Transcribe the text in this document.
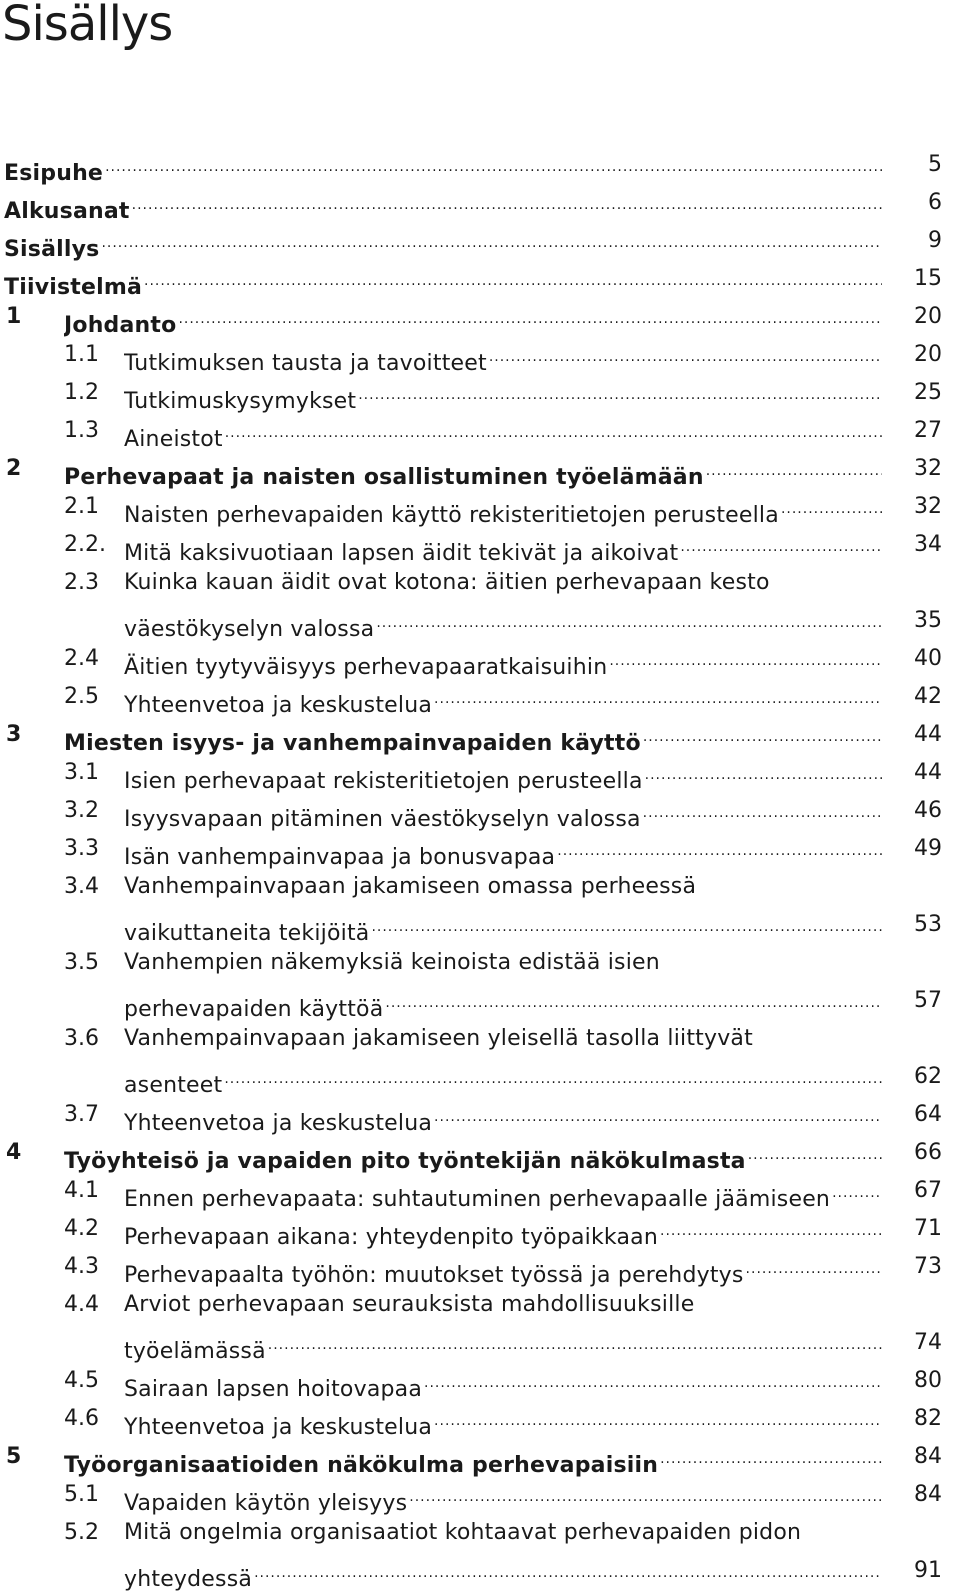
Sisällys
Esipuhe .....	5
Alkusanat .....	6
Sisällys .....	9
Tiivistelmä .....	15
1 Johdanto .....	20
1.1 Tutkimuksen tausta ja tavoitteet .....	20
1.2 Tutkimuskysymykset .....	25
1.3 Aineistot .....	27
2 Perhevapaat ja naisten osallistuminen työelämään .....	32
2.1 Naisten perhevapaiden käyttö rekisteritietojen perusteella .....	32
2.2. Mitä kaksivuotiaan lapsen äidit tekivät ja aikoivat .....	34
2.3 Kuinka kauan äidit ovat kotona: äitien perhevapaan kesto
väestökyselyn valossa .....	35
2.4 Äitien tyytyväisyys perhevapaaratkaisuihin .....	40
2.5 Yhteenvetoa ja keskustelua .....	42
3 Miesten isyys- ja vanhempainvapaiden käyttö .....	44
3.1 Isien perhevapaat rekisteritietojen perusteella .....	44
3.2 Isyysvapaan pitäminen väestökyselyn valossa .....	46
3.3 Isän vanhempainvapaa ja bonusvapaa .....	49
3.4 Vanhempainvapaan jakamiseen omassa perheessä
vaikuttaneita tekijöitä .....	53
3.5 Vanhempien näkemyksiä keinoista edistää isien
perhevapaiden käyttöä .....	57
3.6 Vanhempainvapaan jakamiseen yleisellä tasolla liittyvät
asenteet .....	62
3.7 Yhteenvetoa ja keskustelua .....	64
4 Työyhteisö ja vapaiden pito työntekijän näkökulmasta .....	66
4.1 Ennen perhevapaata: suhtautuminen perhevapaalle jäämiseen .....	67
4.2 Perhevapaan aikana: yhteydenpito työpaikkaan .....	71
4.3 Perhevapaalta työhön: muutokset työssä ja perehdytys .....	73
4.4 Arviot perhevapaan seurauksista mahdollisuuksille
työelämässä .....	74
4.5 Sairaan lapsen hoitovapaa .....	80
4.6 Yhteenvetoa ja keskustelua .....	82
5 Työorganisaatioiden näkökulma perhevapaisiin .....	84
5.1 Vapaiden käytön yleisyys .....	84
5.2 Mitä ongelmia organisaatiot kohtaavat perhevapaiden pidon
yhteydessä .....	91
